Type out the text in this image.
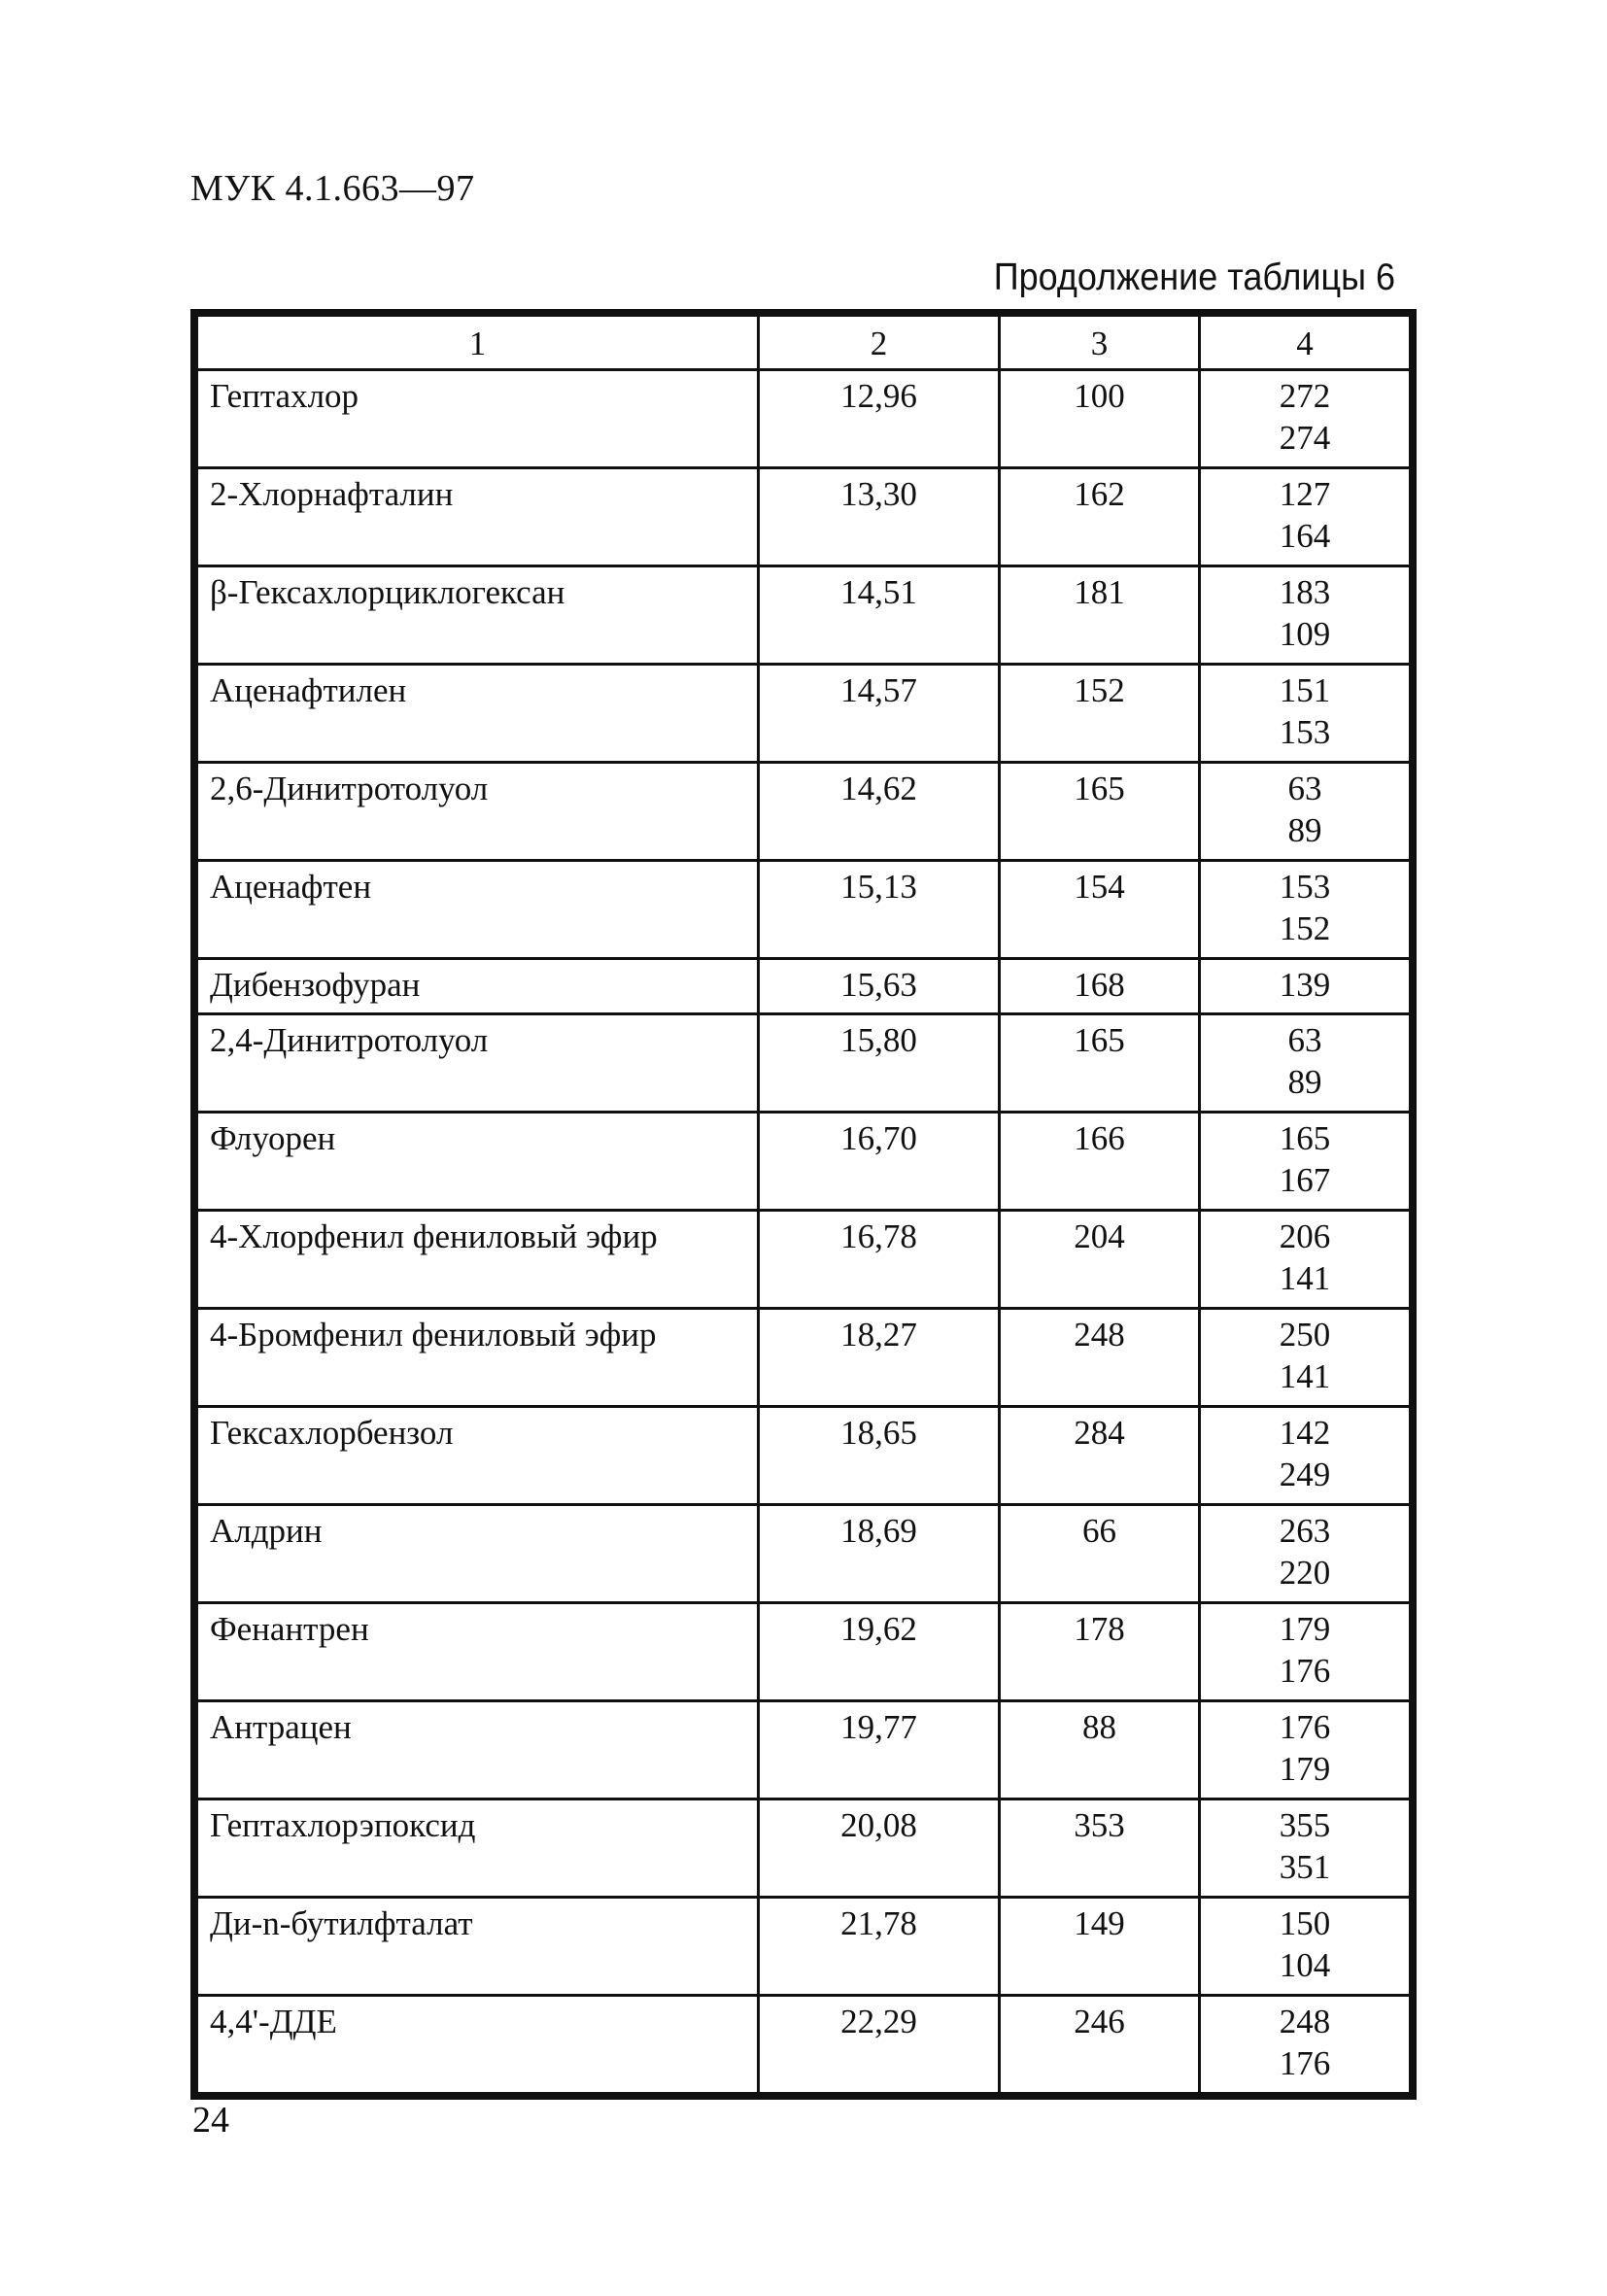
МУК 4.1.663—97
Продолжение таблицы 6
1	2	3	4
Гептахлор	12,96	100	272
274

2-Хлорнафталин	13,30	162	127
164

β-Гексахлорциклогексан	14,51	181	183
109

Аценафтилен	14,57	152	151
153

2,6-Динитротолуол	14,62	165	63
89

Аценафтен	15,13	154	153
152

Дибензофуран	15,63	168	139

2,4-Динитротолуол	15,80	165	63
89

Флуорен	16,70	166	165
167

4-Хлорфенил фениловый эфир	16,78	204	206
141

4-Бромфенил фениловый эфир	18,27	248	250
141

Гексахлорбензол	18,65	284	142
249

Алдрин	18,69	66	263
220

Фенантрен	19,62	178	179
176

Антрацен	19,77	88	176
179

Гептахлорэпоксид	20,08	353	355
351

Ди-n-бутилфталат	21,78	149	150
104

4,4'-ДДЕ	22,29	246	248
176
24
